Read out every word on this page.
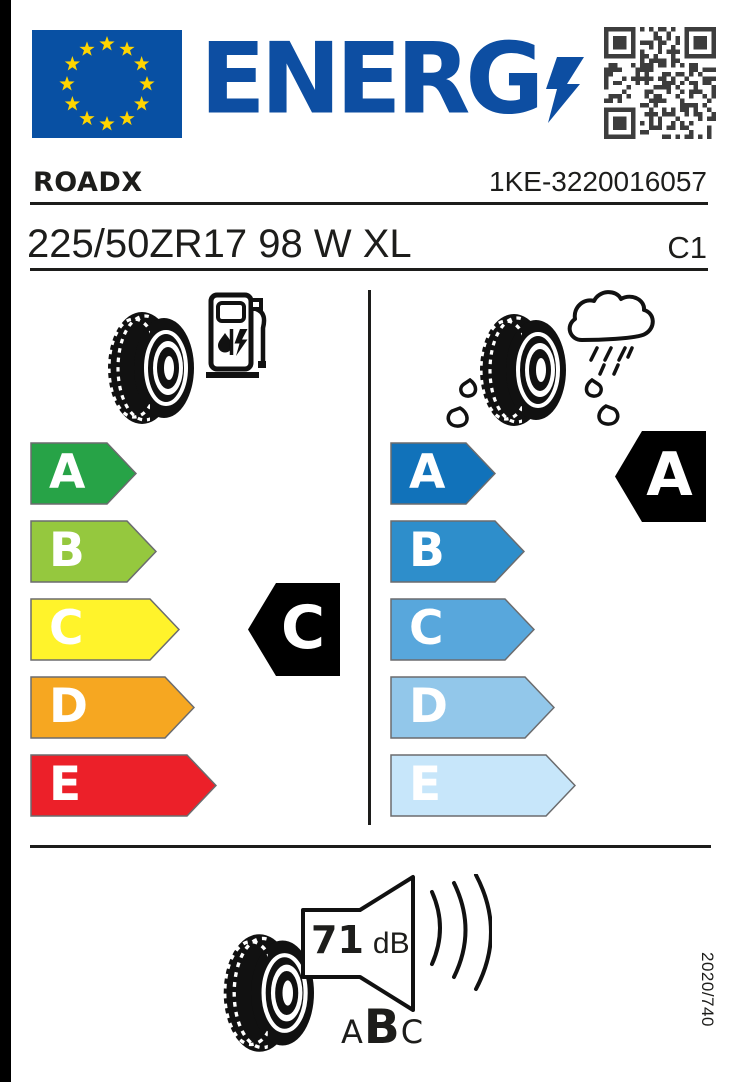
ENERG
ROADX	1KE-3220016057
225/50ZR17 98 W XL	C1
A
B
C
D
E
A
B
C
D
E
C
A
71 dB
A B C
2020/740
